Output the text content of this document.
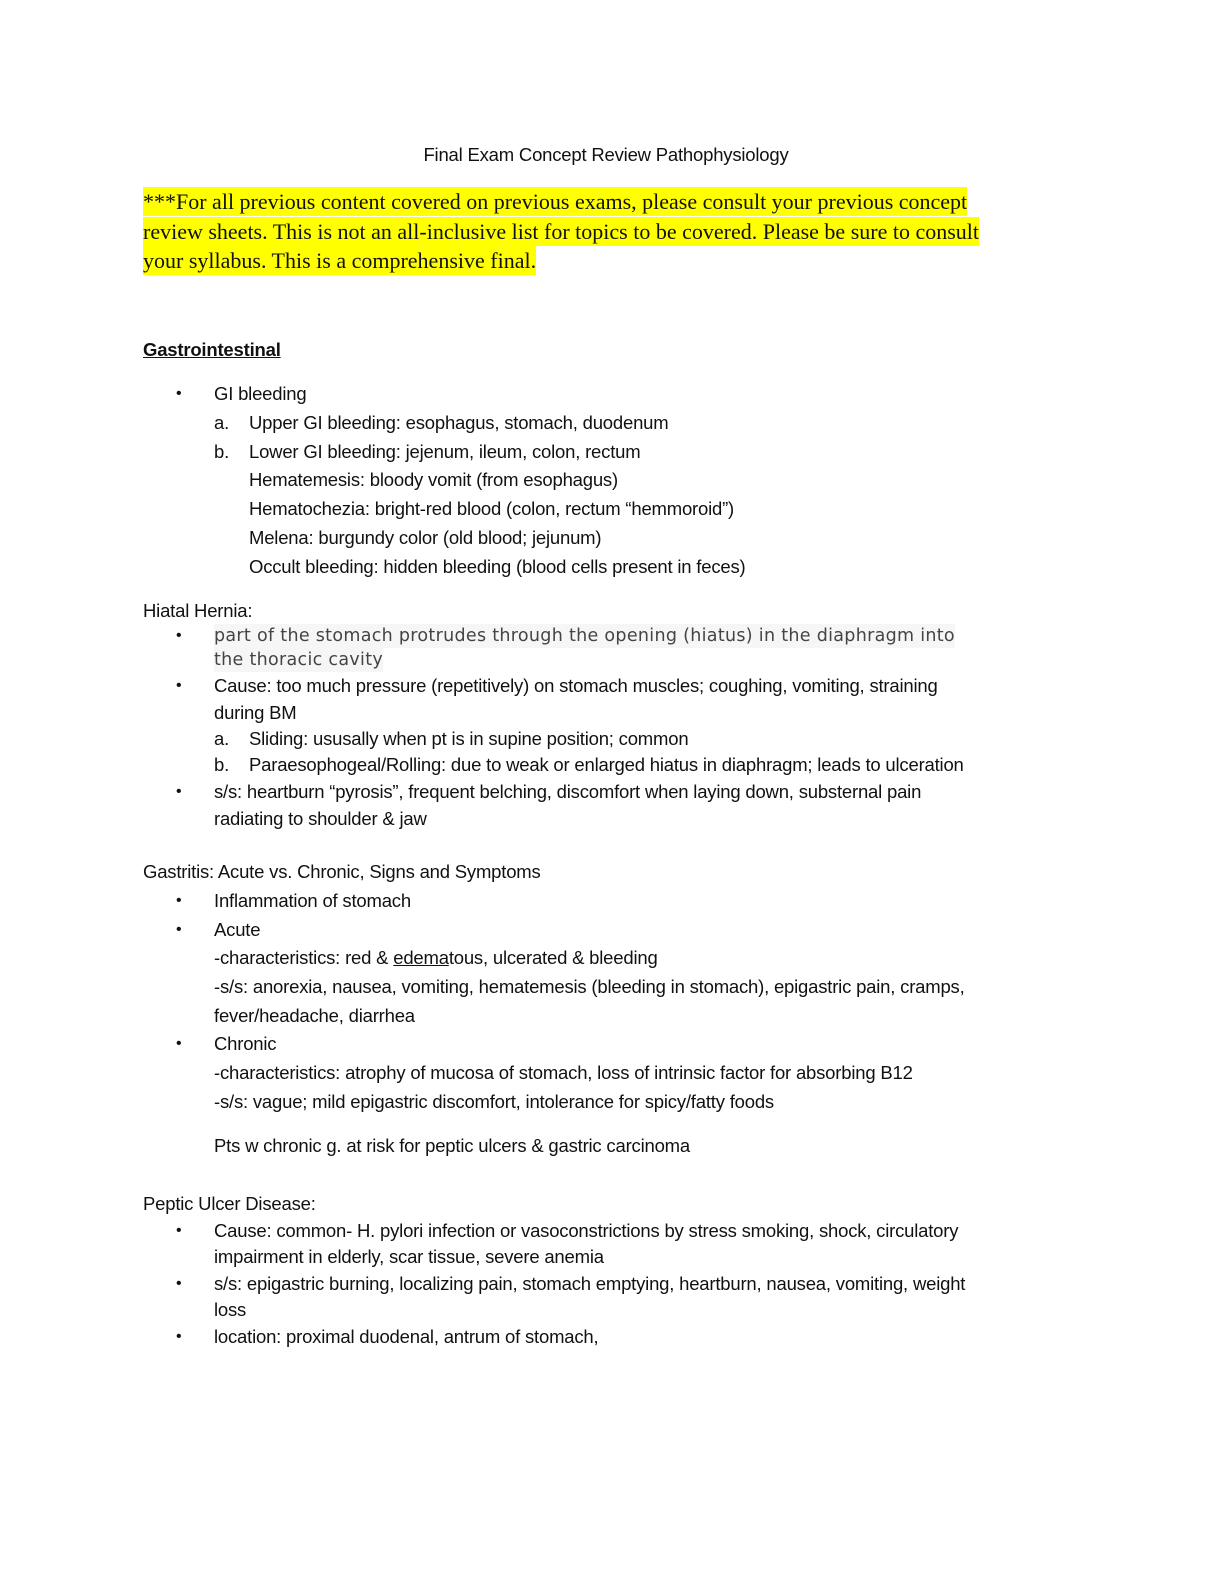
Final Exam Concept Review Pathophysiology
***For all previous content covered on previous exams, please consult your previous concept
review sheets. This is not an all-inclusive list for topics to be covered. Please be sure to consult
your syllabus. This is a comprehensive final.
Gastrointestinal
• GI bleeding
a. Upper GI bleeding: esophagus, stomach, duodenum
b. Lower GI bleeding: jejenum, ileum, colon, rectum
Hematemesis: bloody vomit (from esophagus)
Hematochezia: bright-red blood (colon, rectum “hemmoroid”)
Melena: burgundy color (old blood; jejunum)
Occult bleeding: hidden bleeding (blood cells present in feces)
Hiatal Hernia:
• part of the stomach protrudes through the opening (hiatus) in the diaphragm into
the thoracic cavity
• Cause: too much pressure (repetitively) on stomach muscles; coughing, vomiting, straining
during BM
a. Sliding: ususally when pt is in supine position; common
b. Paraesophogeal/Rolling: due to weak or enlarged hiatus in diaphragm; leads to ulceration
• s/s: heartburn “pyrosis”, frequent belching, discomfort when laying down, substernal pain
radiating to shoulder & jaw
Gastritis: Acute vs. Chronic, Signs and Symptoms
• Inflammation of stomach
• Acute
-characteristics: red & edematous, ulcerated & bleeding
-s/s: anorexia, nausea, vomiting, hematemesis (bleeding in stomach), epigastric pain, cramps,
fever/headache, diarrhea
• Chronic
-characteristics: atrophy of mucosa of stomach, loss of intrinsic factor for absorbing B12
-s/s: vague; mild epigastric discomfort, intolerance for spicy/fatty foods
Pts w chronic g. at risk for peptic ulcers & gastric carcinoma
Peptic Ulcer Disease:
• Cause: common- H. pylori infection or vasoconstrictions by stress smoking, shock, circulatory
impairment in elderly, scar tissue, severe anemia
• s/s: epigastric burning, localizing pain, stomach emptying, heartburn, nausea, vomiting, weight
loss
• location: proximal duodenal, antrum of stomach,
